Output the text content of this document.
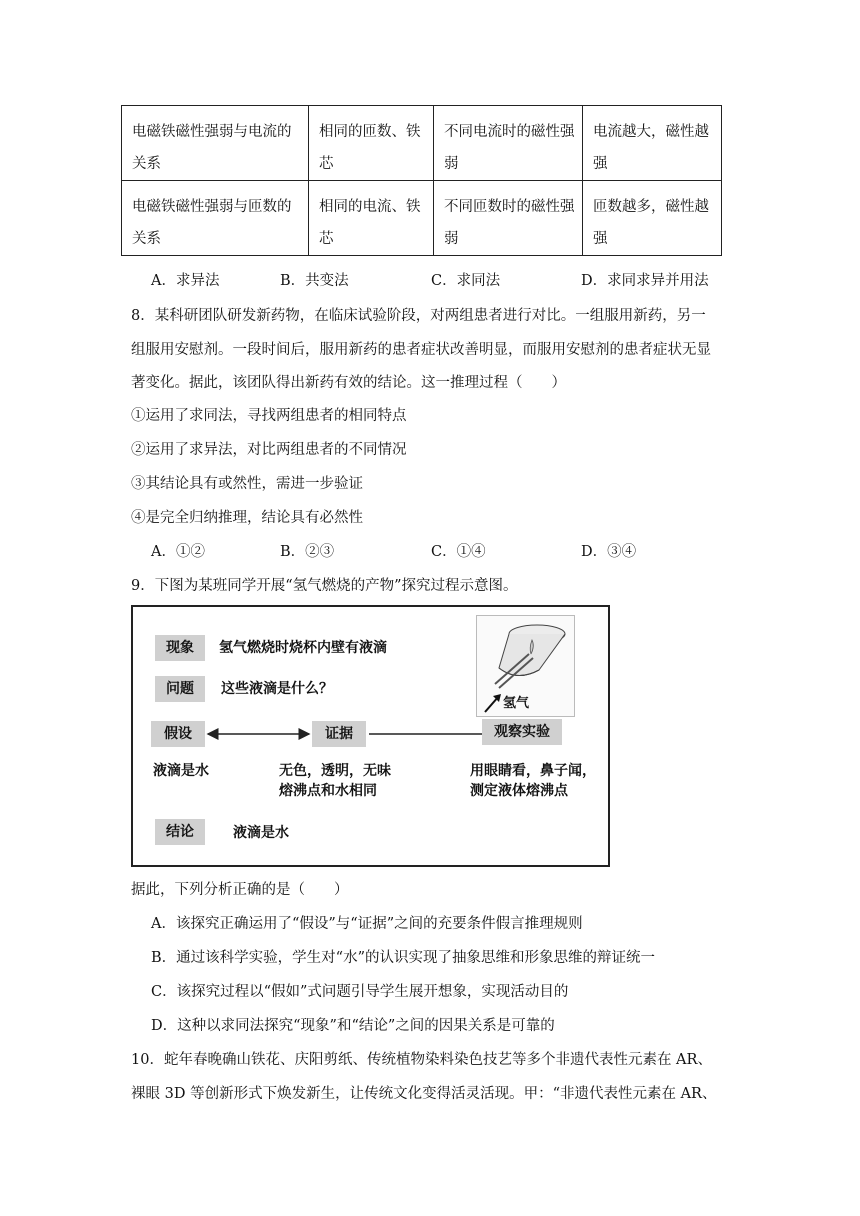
电磁铁磁性强弱与电流的关系	相同的匝数、铁芯	不同电流时的磁性强弱	电流越大，磁性越强
电磁铁磁性强弱与匝数的关系	相同的电流、铁芯	不同匝数时的磁性强弱	匝数越多，磁性越强
A．求异法	B．共变法	C．求同法	D．求同求异并用法
8．某科研团队研发新药物，在临床试验阶段，对两组患者进行对比。一组服用新药，另一
组服用安慰剂。一段时间后，服用新药的患者症状改善明显，而服用安慰剂的患者症状无显
著变化。据此，该团队得出新药有效的结论。这一推理过程（　　）
①运用了求同法，寻找两组患者的相同特点
②运用了求异法，对比两组患者的不同情况
③其结论具有或然性，需进一步验证
④是完全归纳推理，结论具有必然性
A．①②	B．②③	C．①④	D．③④
9．下图为某班同学开展“氢气燃烧的产物”探究过程示意图。
现象	氢气燃烧时烧杯内壁有液滴
问题	这些液滴是什么？
假设	证据	观察实验
液滴是水	无色，透明，无味
熔沸点和水相同
用眼睛看，鼻子闻，
测定液体熔沸点
结论	液滴是水
氢气
据此，下列分析正确的是（　　）
A．该探究正确运用了“假设”与“证据”之间的充要条件假言推理规则
B．通过该科学实验，学生对“水”的认识实现了抽象思维和形象思维的辩证统一
C．该探究过程以“假如”式问题引导学生展开想象，实现活动目的
D．这种以求同法探究“现象”和“结论”之间的因果关系是可靠的
10．蛇年春晚确山铁花、庆阳剪纸、传统植物染料染色技艺等多个非遗代表性元素在 AR、
裸眼 3D 等创新形式下焕发新生，让传统文化变得活灵活现。甲：“非遗代表性元素在 AR、
